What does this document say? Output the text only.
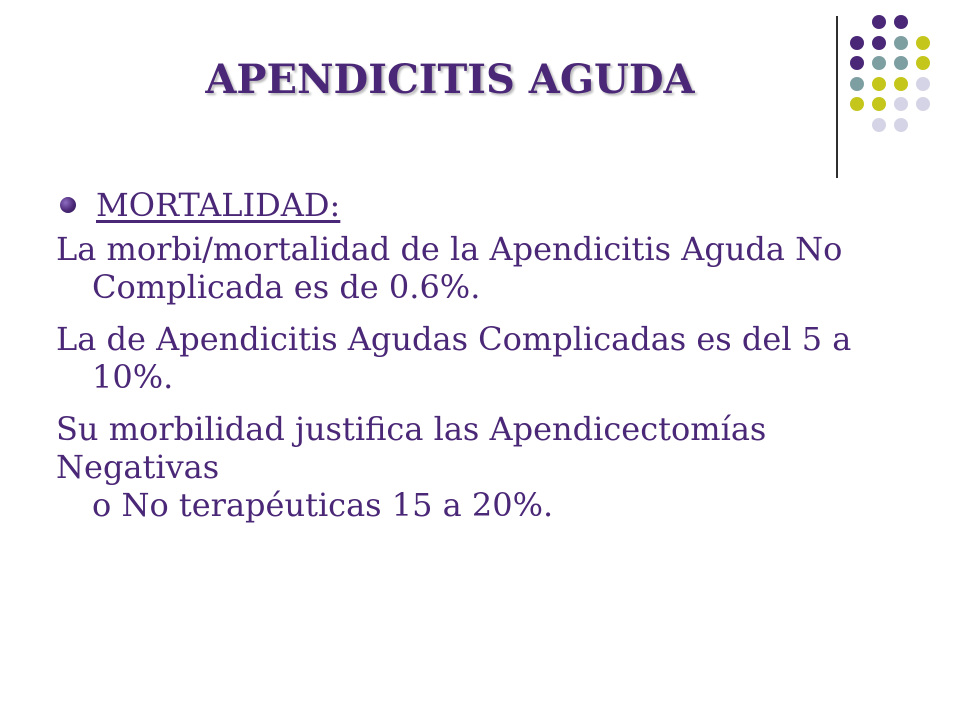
APENDICITIS AGUDA
MORTALIDAD:

La morbi/mortalidad de la Apendicitis Aguda No
Complicada es de 0.6%.

La de Apendicitis Agudas Complicadas es del 5 a
10%.

Su morbilidad justifica las Apendicectomías Negativas
o No terapéuticas 15 a 20%.
